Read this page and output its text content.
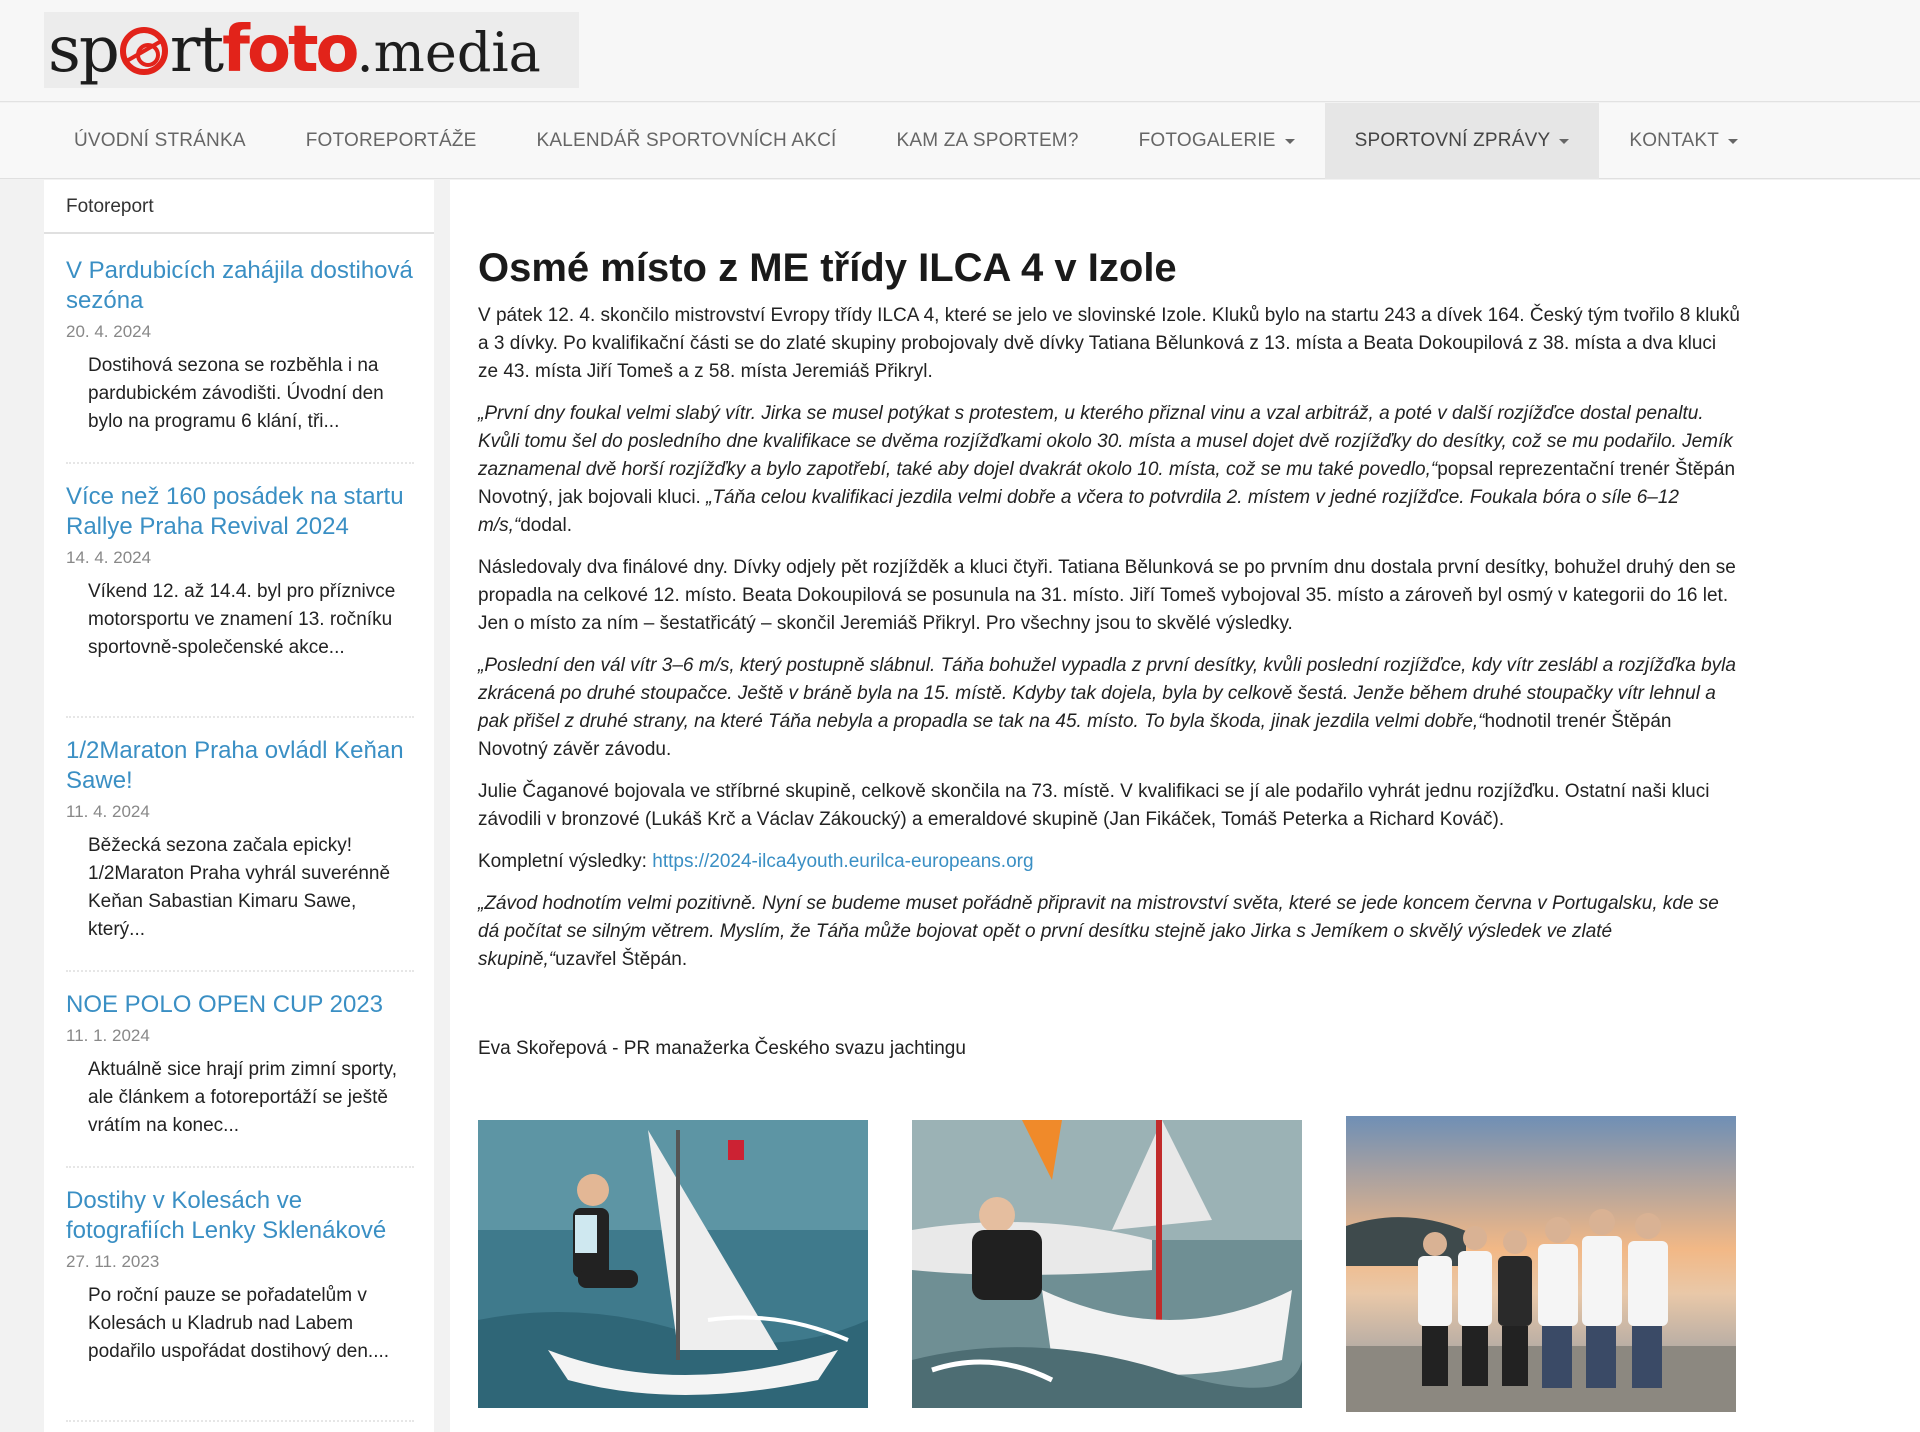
sp rt foto .media
ÚVODNÍ STRÁNKA	FOTOREPORTÁŽE	KALENDÁŘ SPORTOVNÍCH AKCÍ	KAM ZA SPORTEM?	FOTOGALERIE	SPORTOVNÍ ZPRÁVY	KONTAKT
Fotoreport
V Pardubicích zahájila dostihová sezóna
20. 4. 2024
Dostihová sezona se rozběhla i na pardubickém závodišti. Úvodní den bylo na programu 6 klání, tři...
Více než 160 posádek na startu Rallye Praha Revival 2024
14. 4. 2024
Víkend 12. až 14.4. byl pro příznivce motorsportu ve znamení 13. ročníku sportovně-společenské akce...
1/2Maraton Praha ovládl Keňan Sawe!
11. 4. 2024
Běžecká sezona začala epicky! 1/2Maraton Praha vyhrál suverénně Keňan Sabastian Kimaru Sawe, který...
NOE POLO OPEN CUP 2023
11. 1. 2024
Aktuálně sice hrají prim zimní sporty, ale článkem a fotoreportáží se ještě vrátím na konec...
Dostihy v Kolesách ve fotografiích Lenky Sklenákové
27. 11. 2023
Po roční pauze se pořadatelům v Kolesách u Kladrub nad Labem podařilo uspořádat dostihový den....
Osmé místo z ME třídy ILCA 4 v Izole

V pátek 12. 4. skončilo mistrovství Evropy třídy ILCA 4, které se jelo ve slovinské Izole. Kluků bylo na startu 243 a dívek 164. Český tým tvořilo 8 kluků a 3 dívky. Po kvalifikační části se do zlaté skupiny probojovaly dvě dívky Tatiana Bělunková z 13. místa a Beata Dokoupilová z 38. místa a dva kluci ze 43. místa Jiří Tomeš a z 58. místa Jeremiáš Přikryl.

„První dny foukal velmi slabý vítr. Jirka se musel potýkat s protestem, u kterého přiznal vinu a vzal arbitráž, a poté v další rozjížďce dostal penaltu. Kvůli tomu šel do posledního dne kvalifikace se dvěma rozjížďkami okolo 30. místa a musel dojet dvě rozjížďky do desítky, což se mu podařilo. Jemík zaznamenal dvě horší rozjížďky a bylo zapotřebí, také aby dojel dvakrát okolo 10. místa, což se mu také povedlo,“popsal reprezentační trenér Štěpán Novotný, jak bojovali kluci. „Táňa celou kvalifikaci jezdila velmi dobře a včera to potvrdila 2. místem v jedné rozjížďce. Foukala bóra o síle 6–12 m/s,“dodal.

Následovaly dva finálové dny. Dívky odjely pět rozjížděk a kluci čtyři. Tatiana Bělunková se po prvním dnu dostala první desítky, bohužel druhý den se propadla na celkové 12. místo. Beata Dokoupilová se posunula na 31. místo. Jiří Tomeš vybojoval 35. místo a zároveň byl osmý v kategorii do 16 let. Jen o místo za ním – šestatřicátý – skončil Jeremiáš Přikryl. Pro všechny jsou to skvělé výsledky.

„Poslední den vál vítr 3–6 m/s, který postupně slábnul. Táňa bohužel vypadla z první desítky, kvůli poslední rozjížďce, kdy vítr zeslábl a rozjížďka byla zkrácená po druhé stoupačce. Ještě v bráně byla na 15. místě. Kdyby tak dojela, byla by celkově šestá. Jenže během druhé stoupačky vítr lehnul a pak přišel z druhé strany, na které Táňa nebyla a propadla se tak na 45. místo. To byla škoda, jinak jezdila velmi dobře,“hodnotil trenér Štěpán Novotný závěr závodu.

Julie Čaganové bojovala ve stříbrné skupině, celkově skončila na 73. místě. V kvalifikaci se jí ale podařilo vyhrát jednu rozjížďku. Ostatní naši kluci závodili v bronzové (Lukáš Krč a Václav Zákoucký) a emeraldové skupině (Jan Fikáček, Tomáš Peterka a Richard Kováč).

Kompletní výsledky: https://2024-ilca4youth.eurilca-europeans.org

„Závod hodnotím velmi pozitivně. Nyní se budeme muset pořádně připravit na mistrovství světa, které se jede koncem června v Portugalsku, kde se dá počítat se silným větrem. Myslím, že Táňa může bojovat opět o první desítku stejně jako Jirka s Jemíkem o skvělý výsledek ve zlaté skupině,“uzavřel Štěpán.

Eva Skořepová - PR manažerka Českého svazu jachtingu
